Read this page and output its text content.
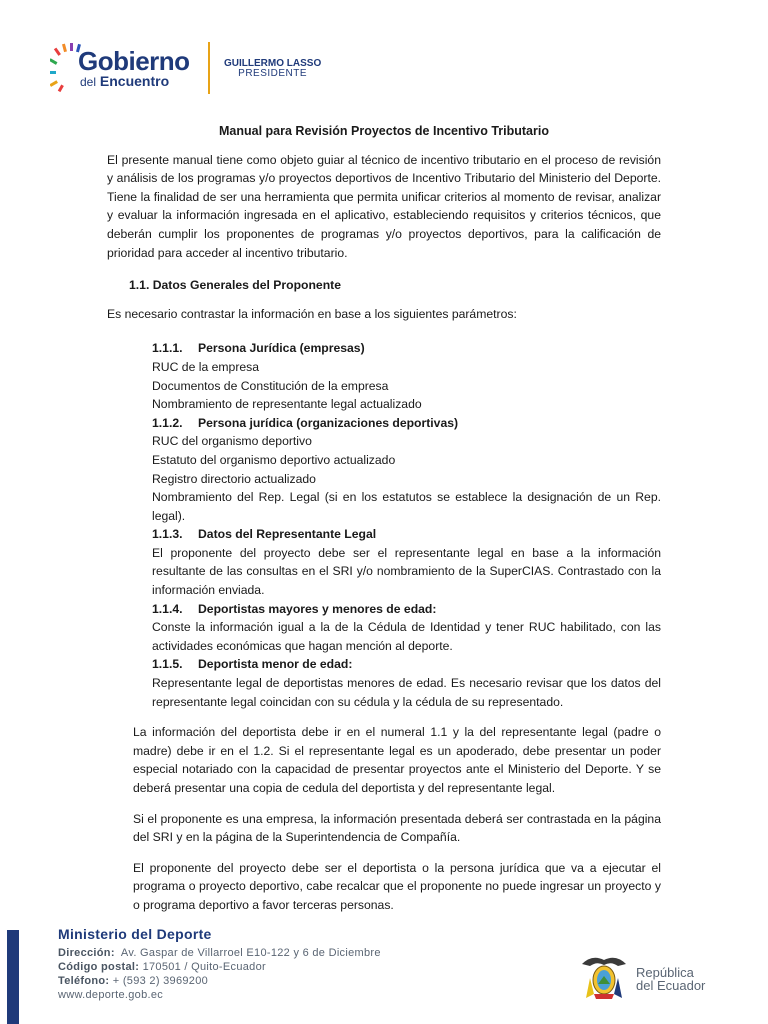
Gobierno
del Encuentro
GUILLERMO LASSO
PRESIDENTE

Manual para Revisión Proyectos de Incentivo Tributario

El presente manual tiene como objeto guiar al técnico de incentivo tributario en el proceso de revisión y análisis de los programas y/o proyectos deportivos de Incentivo Tributario del Ministerio del Deporte. Tiene la finalidad de ser una herramienta que permita unificar criterios al momento de revisar, analizar y evaluar la información ingresada en el aplicativo, estableciendo requisitos y criterios técnicos, que deberán cumplir los proponentes de programas y/o proyectos deportivos, para la calificación de prioridad para acceder al incentivo tributario.

1.1. Datos Generales del Proponente

Es necesario contrastar la información en base a los siguientes parámetros:

1.1.1. Persona Jurídica (empresas)

RUC de la empresa

Documentos de Constitución de la empresa

Nombramiento de representante legal actualizado

1.1.2. Persona jurídica (organizaciones deportivas)

RUC del organismo deportivo

Estatuto del organismo deportivo actualizado

Registro directorio actualizado

Nombramiento del Rep. Legal (si en los estatutos se establece la designación de un Rep. legal).

1.1.3. Datos del Representante Legal

El proponente del proyecto debe ser el representante legal en base a la información resultante de las consultas en el SRI y/o nombramiento de la SuperCIAS. Contrastado con la información enviada.

1.1.4. Deportistas mayores y menores de edad:

Conste la información igual a la de la Cédula de Identidad y tener RUC habilitado, con las actividades económicas que hagan mención al deporte.

1.1.5. Deportista menor de edad:

Representante legal de deportistas menores de edad. Es necesario revisar que los datos del representante legal coincidan con su cédula y la cédula de su representado.

La información del deportista debe ir en el numeral 1.1 y la del representante legal (padre o madre) debe ir en el 1.2. Si el representante legal es un apoderado, debe presentar un poder especial notariado con la capacidad de presentar proyectos ante el Ministerio del Deporte. Y se deberá presentar una copia de cedula del deportista y del representante legal.

Si el proponente es una empresa, la información presentada deberá ser contrastada en la página del SRI y en la página de la Superintendencia de Compañía.

El proponente del proyecto debe ser el deportista o la persona jurídica que va a ejecutar el programa o proyecto deportivo, cabe recalcar que el proponente no puede ingresar un proyecto y o programa deportivo a favor terceras personas.

Ministerio del Deporte
Dirección: Av. Gaspar de Villarroel E10-122 y 6 de Diciembre
Código postal: 170501 / Quito-Ecuador
Teléfono: + (593 2) 3969200
www.deporte.gob.ec
República
del Ecuador
